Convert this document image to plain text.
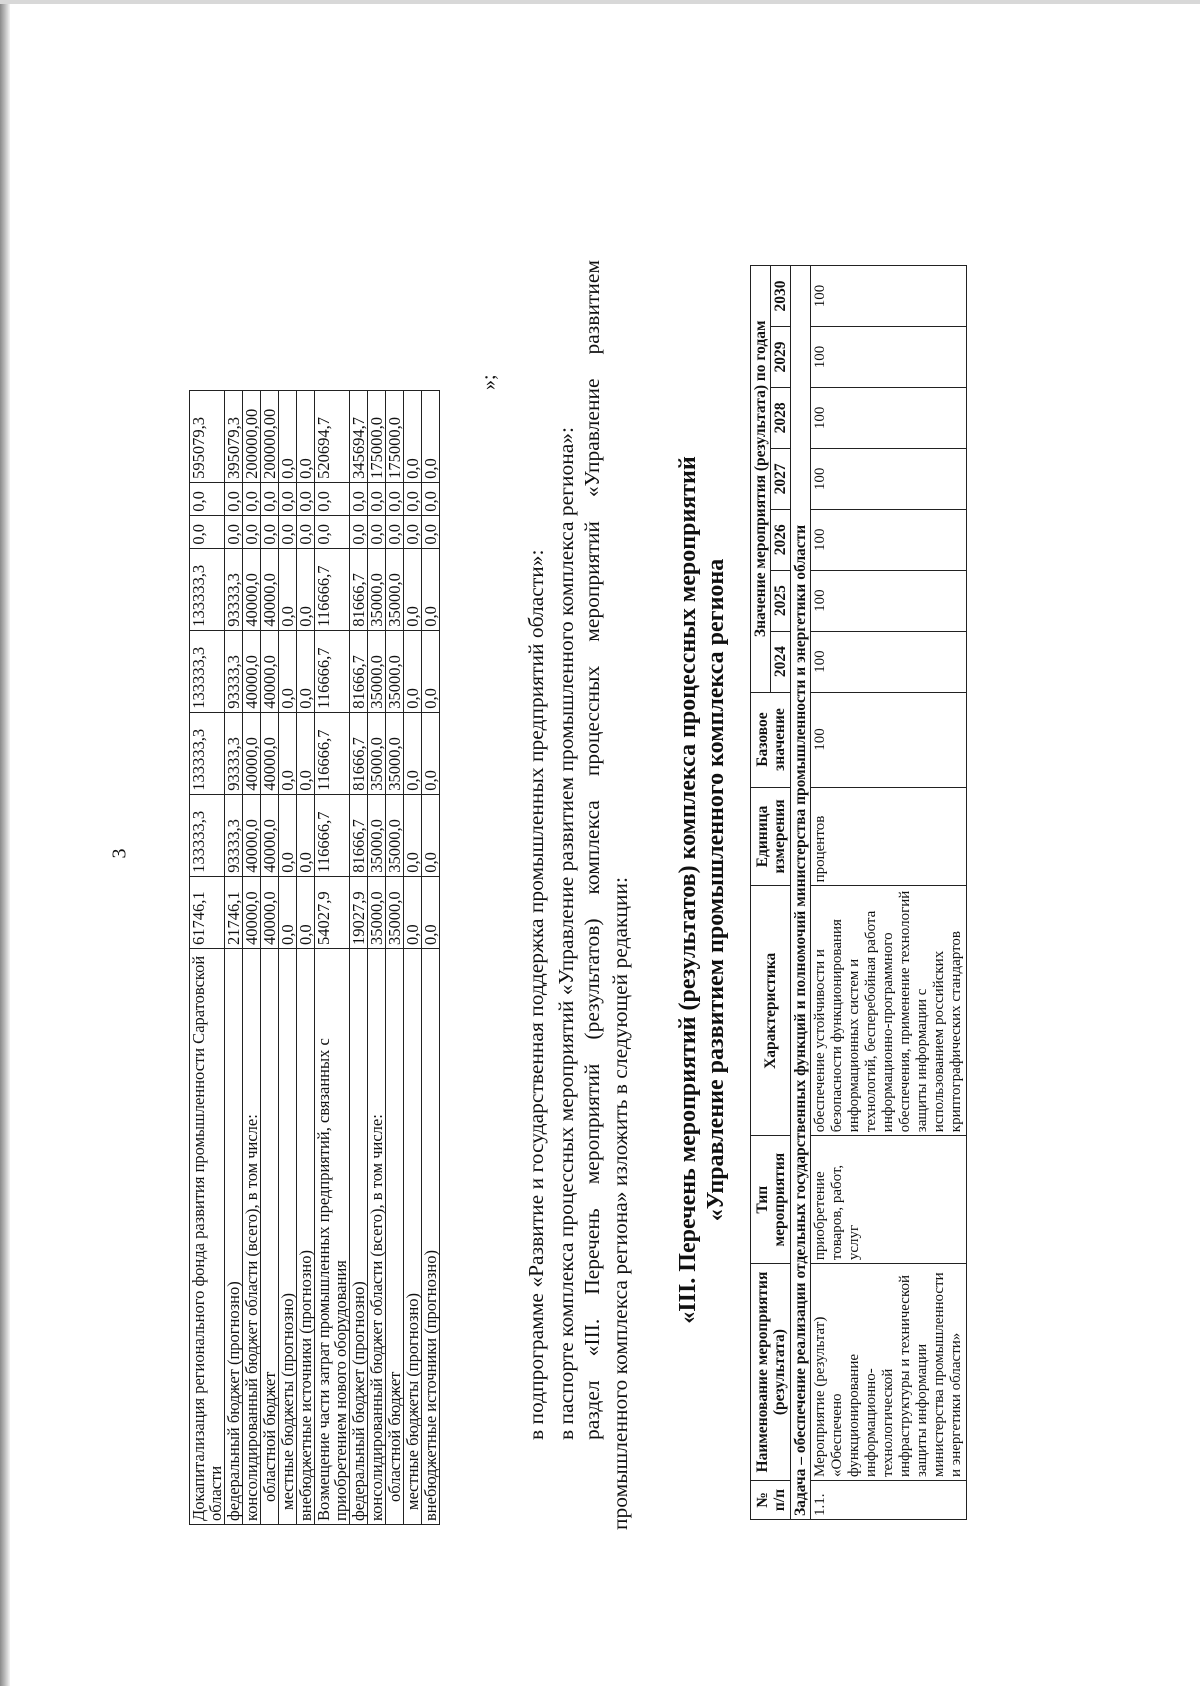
3
Докапитализация регионального фонда развития промышленности Саратовской области	61746,1	133333,3	133333,3	133333,3	133333,3	0,0	0,0	595079,3
федеральный бюджет (прогнозно)	21746,1	93333,3	93333,3	93333,3	93333,3	0,0	0,0	395079,3
консолидированный бюджет области (всего), в том числе:	40000,0	40000,0	40000,0	40000,0	40000,0	0,0	0,0	200000,00
областной бюджет	40000,0	40000,0	40000,0	40000,0	40000,0	0,0	0,0	200000,00
местные бюджеты (прогнозно)	0,0	0,0	0,0	0,0	0,0	0,0	0,0	0,0
внебюджетные источники (прогнозно)	0,0	0,0	0,0	0,0	0,0	0,0	0,0	0,0
Возмещение части затрат промышленных предприятий, связанных с приобретением нового оборудования	54027,9	116666,7	116666,7	116666,7	116666,7	0,0	0,0	520694,7
федеральный бюджет (прогнозно)	19027,9	81666,7	81666,7	81666,7	81666,7	0,0	0,0	345694,7
консолидированный бюджет области (всего), в том числе:	35000,0	35000,0	35000,0	35000,0	35000,0	0,0	0,0	175000,0
областной бюджет	35000,0	35000,0	35000,0	35000,0	35000,0	0,0	0,0	175000,0
местные бюджеты (прогнозно)	0,0	0,0	0,0	0,0	0,0	0,0	0,0	0,0
внебюджетные источники (прогнозно)	0,0	0,0	0,0	0,0	0,0	0,0	0,0	0,0
»;
в подпрограмме «Развитие и государственная поддержка промышленных предприятий области»: в паспорте комплекса процессных мероприятий «Управление развитием промышленного комплекса региона»: раздел «III. Перечень мероприятий (результатов) комплекса процессных мероприятий «Управление развитием промышленного комплекса региона» изложить в следующей редакции: «III. Перечень мероприятий (результатов) комплекса процессных мероприятий «Управление развитием промышленного комплекса региона
№ п/п	Наименование мероприятия (результата)	Тип мероприятия	Характеристика	Единица измерения	Базовое значение	Значение мероприятия (результата) по годам						
						2024	2025	2026	2027	2028	2029	2030
Задача – обеспечение реализации отдельных государственных функций и полномочий министерства промышленности и энергетики области												
1.1.	Мероприятие (результат) «Обеспечено функционирование информационно-технологической инфраструктуры и технической защиты информации министерства промышленности и энергетики области»	приобретение товаров, работ, услуг	обеспечение устойчивости и безопасности функционирования информационных систем и технологий, бесперебойная работа информационно-программного обеспечения, применение технологий защиты информации с использованием российских криптографических стандартов	процентов	100	100	100	100	100	100	100	100
